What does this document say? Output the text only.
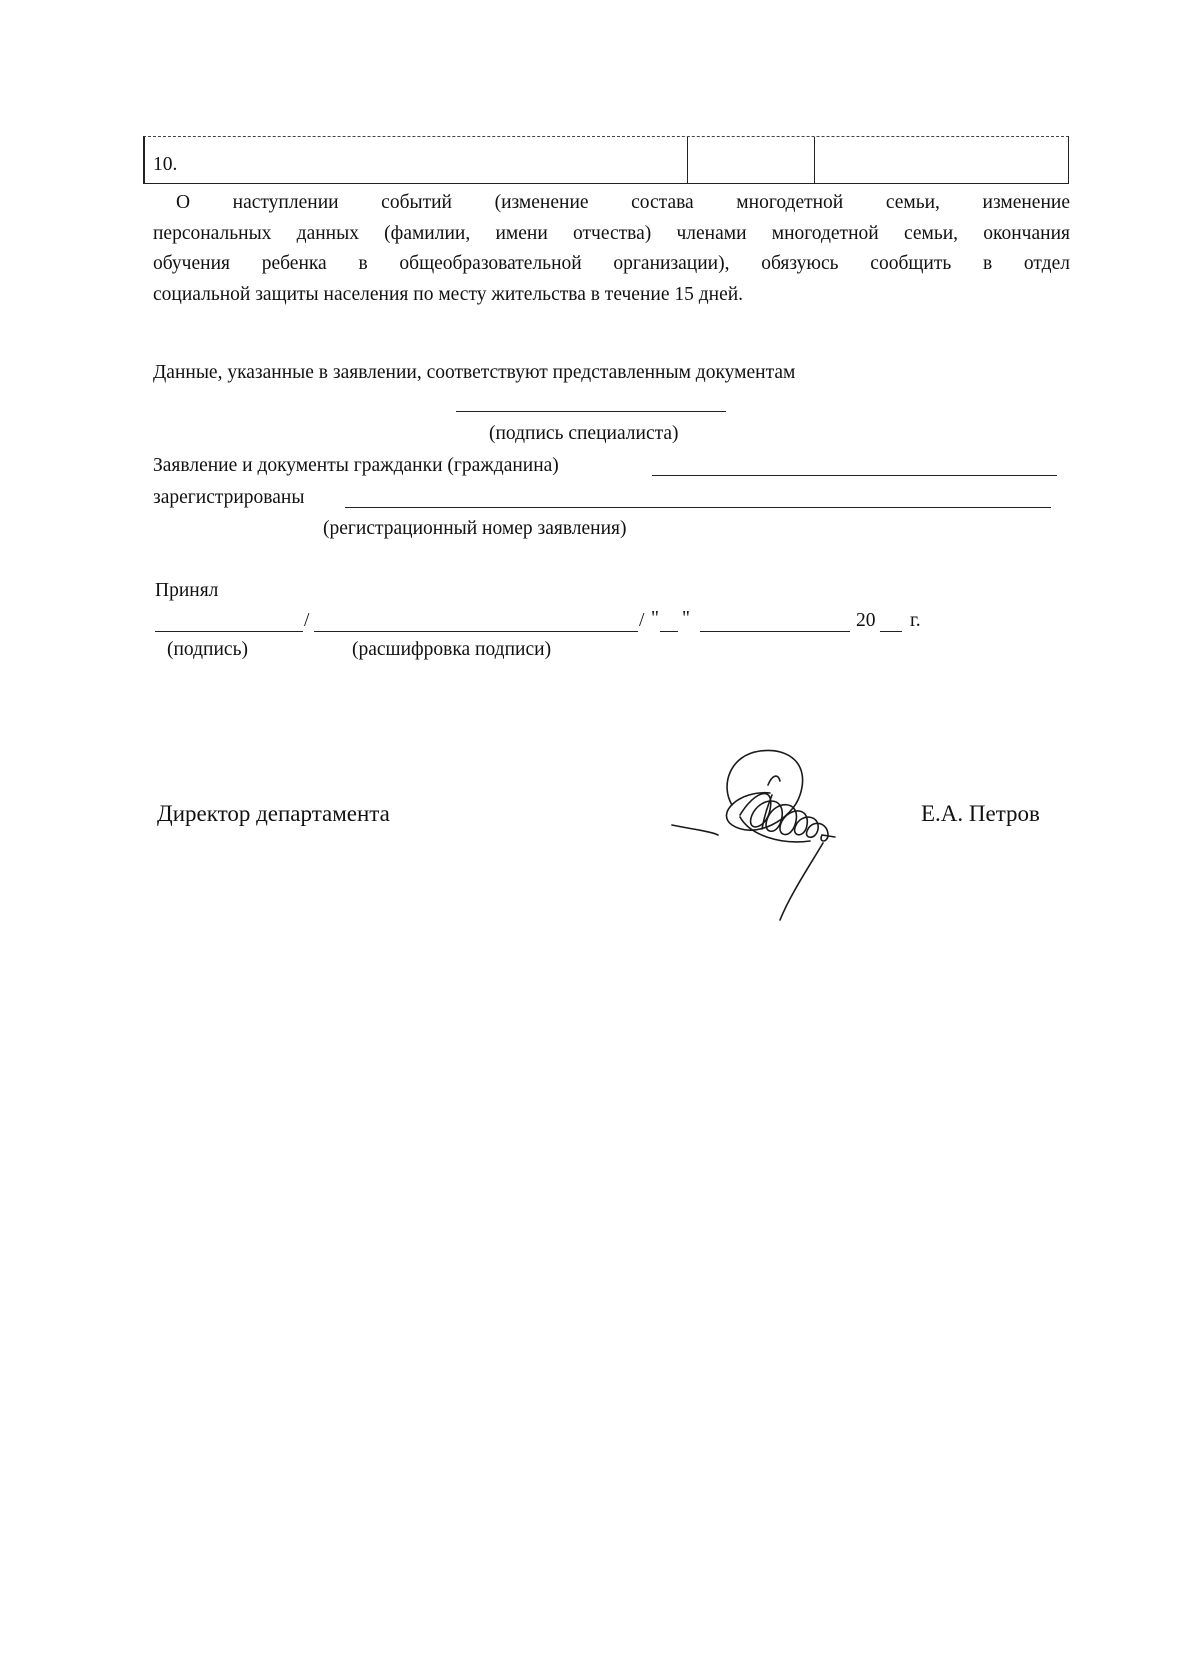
10.
О наступлении событий (изменение состава многодетной семьи, изменение
персональных данных (фамилии, имени отчества) членами многодетной семьи, окончания
обучения ребенка в общеобразовательной организации), обязуюсь сообщить в отдел
социальной защиты населения по месту жительства в течение 15 дней.
Данные, указанные в заявлении, соответствуют представленным документам
(подпись специалиста)
Заявление и документы гражданки (гражданина)
зарегистрированы
(регистрационный номер заявления)
Принял
/	/ " "	20 г.
(подпись)	(расшифровка подписи)
Директор департамента	Е.А. Петров
